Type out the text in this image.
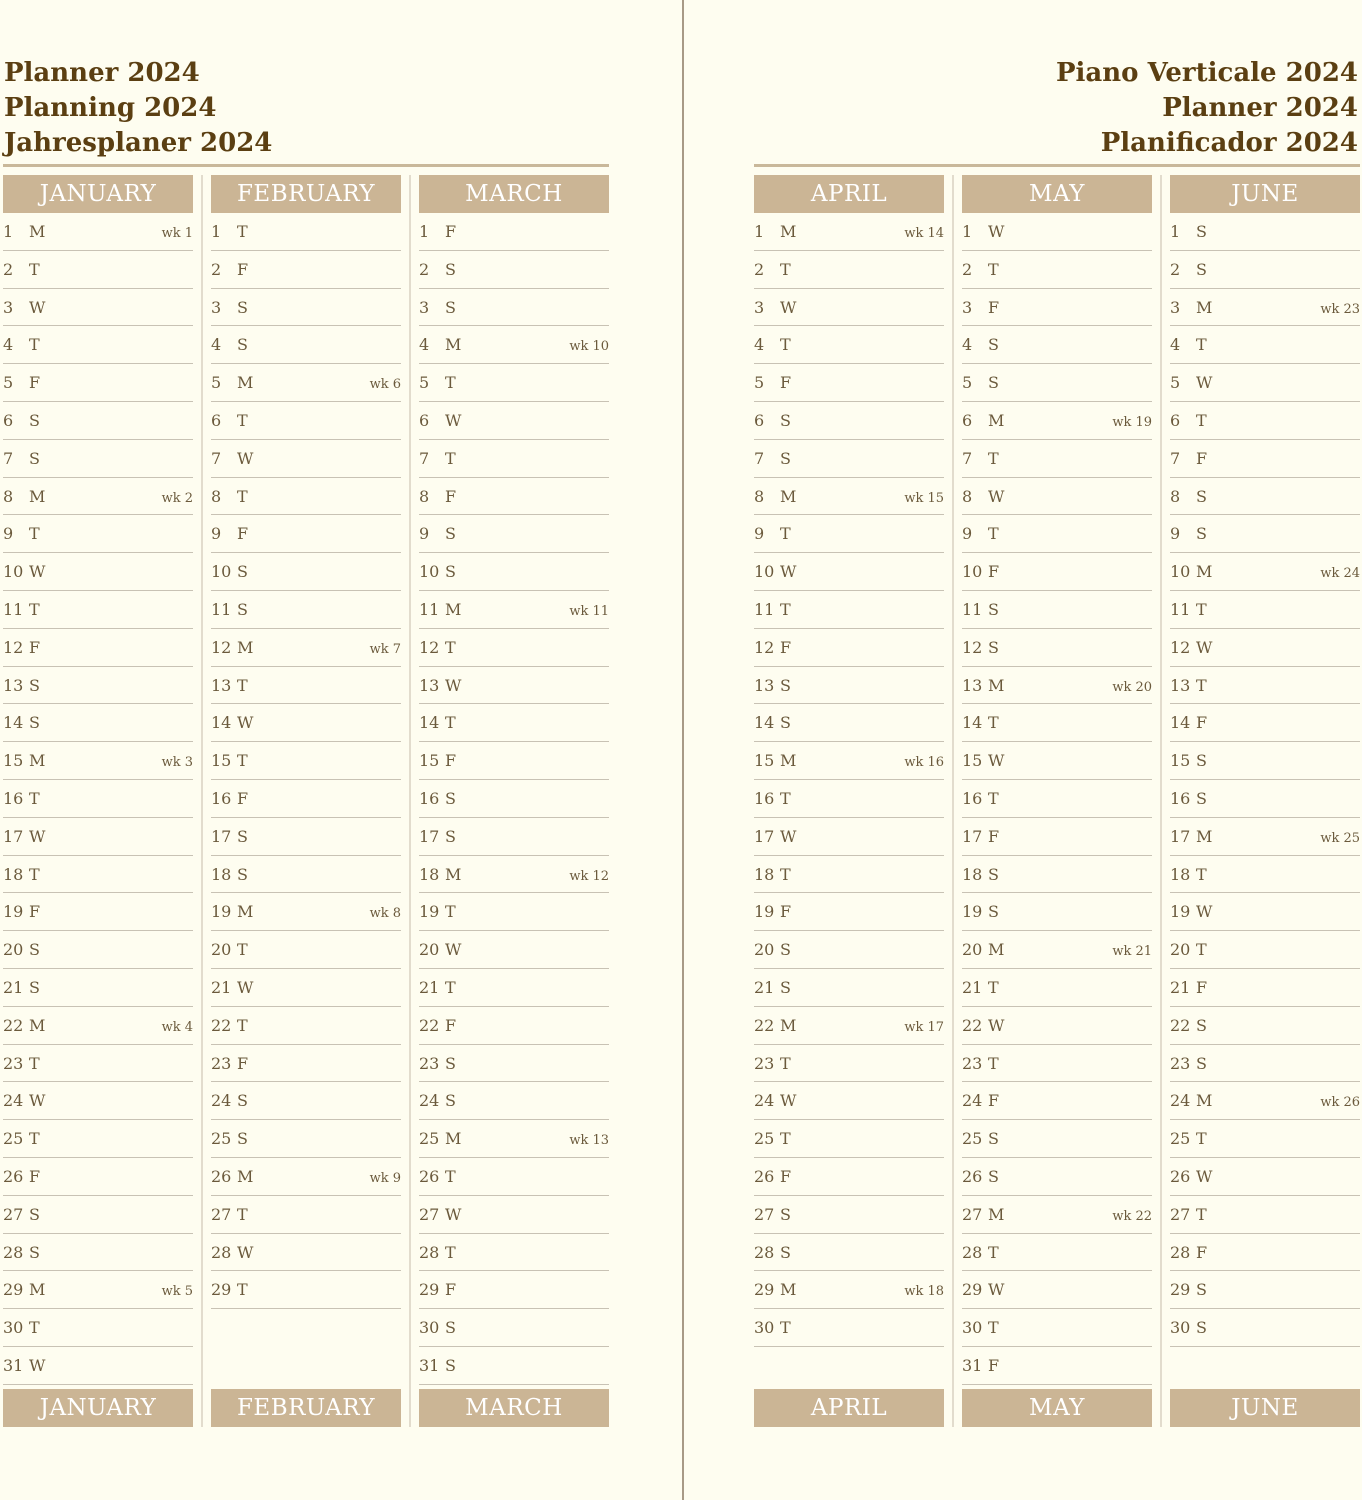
Planner 2024
Planning 2024
Jahresplaner 2024
Piano Verticale 2024
Planner 2024
Planificador 2024
JANUARY
1 M	wk 1
2 T
3 W
4 T
5 F
6 S
7 S
8 M	wk 2
9 T
10 W
11 T
12 F
13 S
14 S
15 M	wk 3
16 T
17 W
18 T
19 F
20 S
21 S
22 M	wk 4
23 T
24 W
25 T
26 F
27 S
28 S
29 M	wk 5
30 T
31 W
JANUARY
FEBRUARY
1 T
2 F
3 S
4 S
5 M	wk 6
6 T
7 W
8 T
9 F
10 S
11 S
12 M	wk 7
13 T
14 W
15 T
16 F
17 S
18 S
19 M	wk 8
20 T
21 W
22 T
23 F
24 S
25 S
26 M	wk 9
27 T
28 W
29 T
FEBRUARY
MARCH
1 F
2 S
3 S
4 M	wk 10
5 T
6 W
7 T
8 F
9 S
10 S
11 M	wk 11
12 T
13 W
14 T
15 F
16 S
17 S
18 M	wk 12
19 T
20 W
21 T
22 F
23 S
24 S
25 M	wk 13
26 T
27 W
28 T
29 F
30 S
31 S
MARCH
APRIL
1 M	wk 14
2 T
3 W
4 T
5 F
6 S
7 S
8 M	wk 15
9 T
10 W
11 T
12 F
13 S
14 S
15 M	wk 16
16 T
17 W
18 T
19 F
20 S
21 S
22 M	wk 17
23 T
24 W
25 T
26 F
27 S
28 S
29 M	wk 18
30 T
APRIL
MAY
1 W
2 T
3 F
4 S
5 S
6 M	wk 19
7 T
8 W
9 T
10 F
11 S
12 S
13 M	wk 20
14 T
15 W
16 T
17 F
18 S
19 S
20 M	wk 21
21 T
22 W
23 T
24 F
25 S
26 S
27 M	wk 22
28 T
29 W
30 T
31 F
MAY
JUNE
1 S
2 S
3 M	wk 23
4 T
5 W
6 T
7 F
8 S
9 S
10 M	wk 24
11 T
12 W
13 T
14 F
15 S
16 S
17 M	wk 25
18 T
19 W
20 T
21 F
22 S
23 S
24 M	wk 26
25 T
26 W
27 T
28 F
29 S
30 S
JUNE
